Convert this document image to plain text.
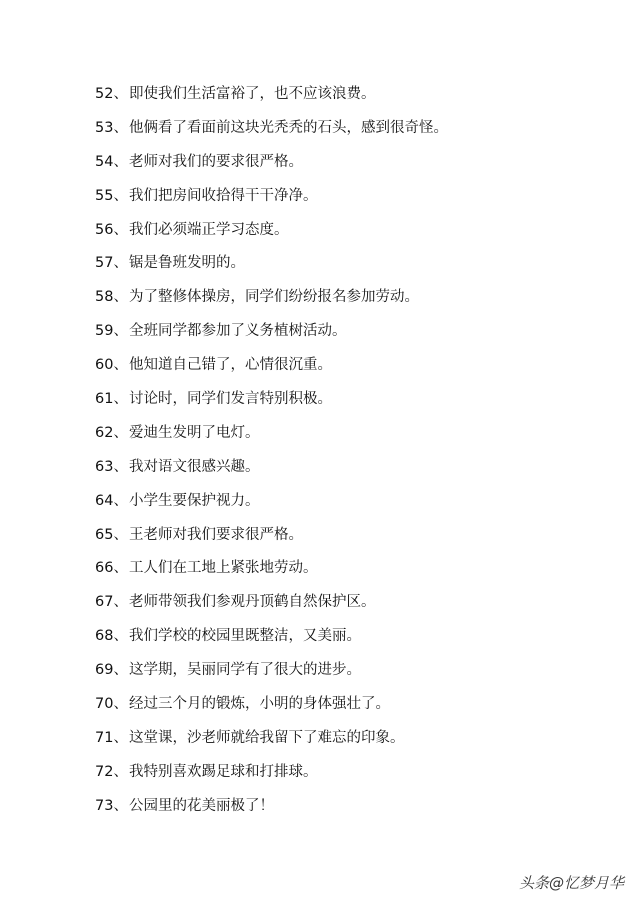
52、即使我们生活富裕了，也不应该浪费。
53、他俩看了看面前这块光秃秃的石头，感到很奇怪。
54、老师对我们的要求很严格。
55、我们把房间收拾得干干净净。
56、我们必须端正学习态度。
57、锯是鲁班发明的。
58、为了整修体操房，同学们纷纷报名参加劳动。
59、全班同学都参加了义务植树活动。
60、他知道自己错了，心情很沉重。
61、讨论时，同学们发言特别积极。
62、爱迪生发明了电灯。
63、我对语文很感兴趣。
64、小学生要保护视力。
65、王老师对我们要求很严格。
66、工人们在工地上紧张地劳动。
67、老师带领我们参观丹顶鹤自然保护区。
68、我们学校的校园里既整洁，又美丽。
69、这学期，吴丽同学有了很大的进步。
70、经过三个月的锻炼，小明的身体强壮了。
71、这堂课，沙老师就给我留下了难忘的印象。
72、我特别喜欢踢足球和打排球。
73、公园里的花美丽极了！
头条@忆梦月华
